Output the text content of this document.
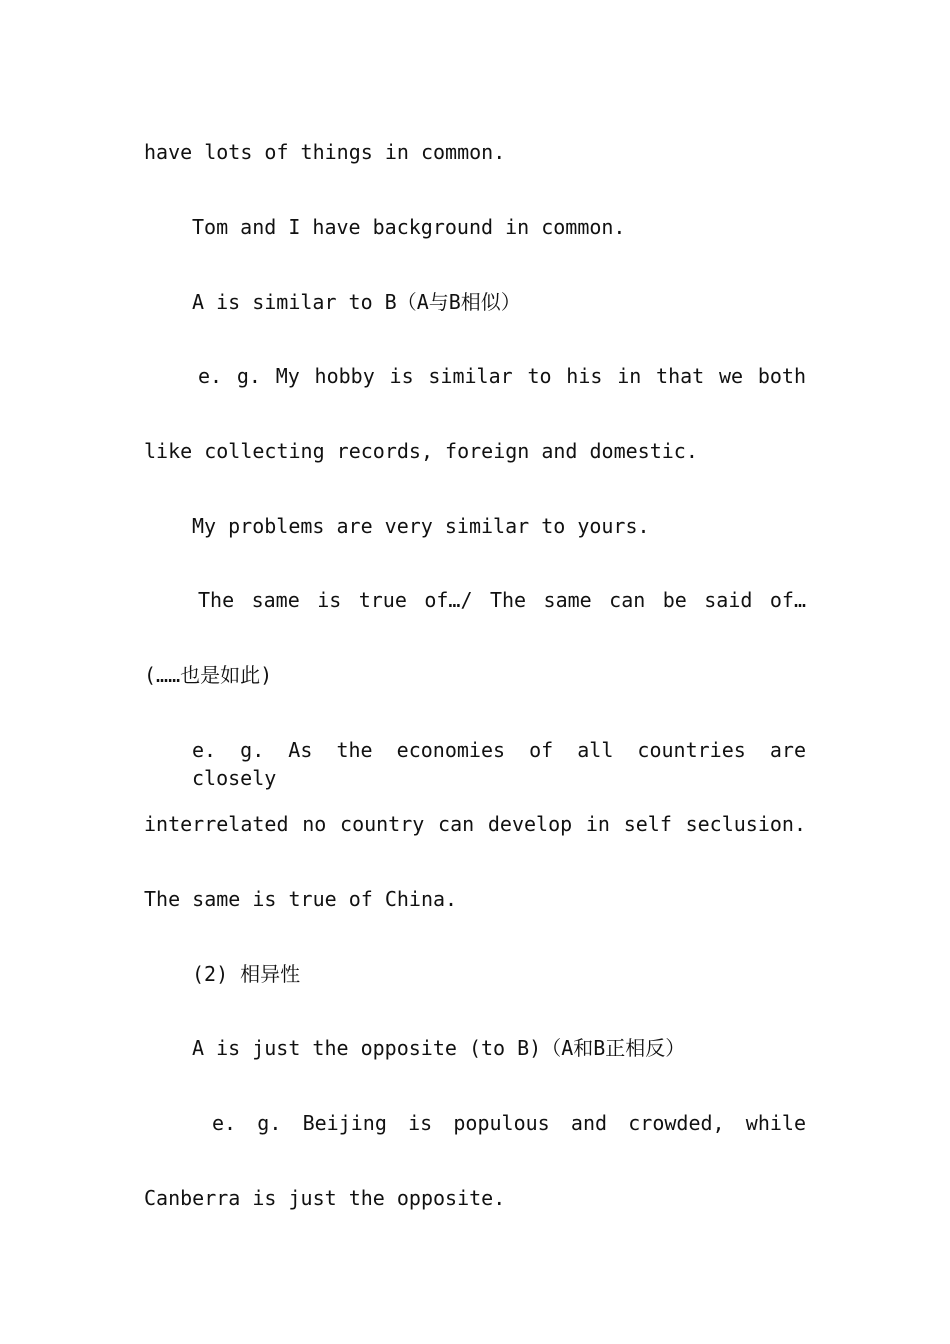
have lots of things in common.
Tom and I have background in common.
A is similar to B（A与B相似）
e. g. My hobby is similar to his in that we both
like collecting records, foreign and domestic.
My problems are very similar to yours.
The same is true of…/ The same can be said of…
(……也是如此)
e. g. As the economies of all countries are closely
interrelated no country can develop in self seclusion.
The same is true of China.
(2) 相异性
A is just the opposite (to B)（A和B正相反）
e. g. Beijing is populous and crowded, while
Canberra is just the opposite.
